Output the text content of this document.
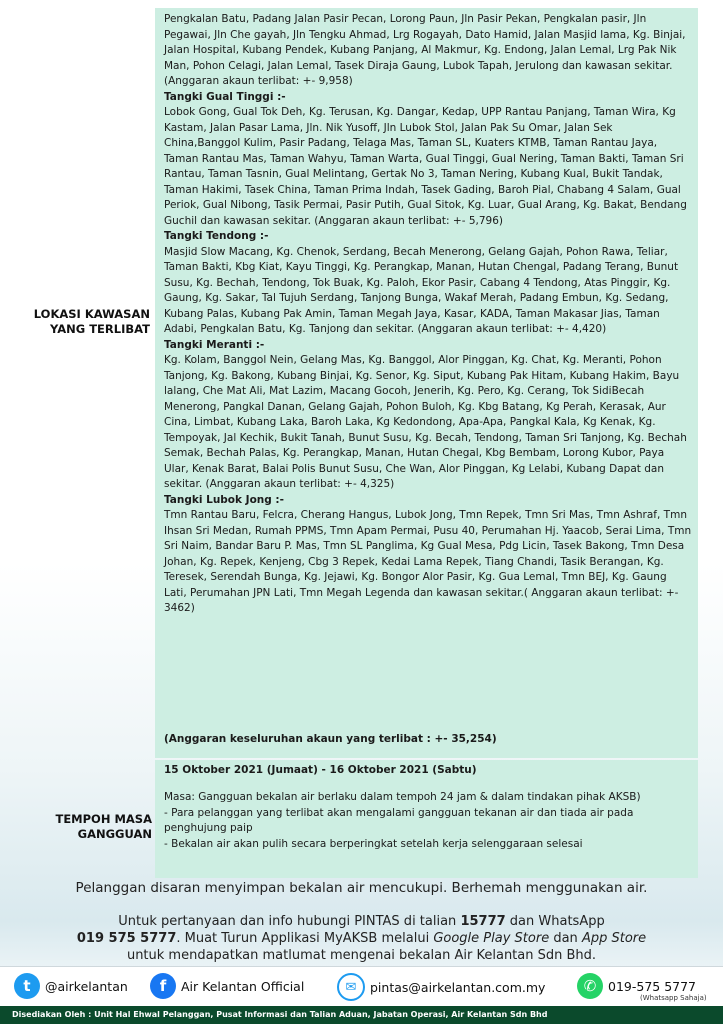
LOKASI KAWASAN
YANG TERLIBAT

Pengkalan Batu, Padang Jalan Pasir Pecan, Lorong Paun, Jln Pasir Pekan, Pengkalan pasir, Jln Pegawai, Jln Che gayah, Jln Tengku Ahmad, Lrg Rogayah, Dato Hamid, Jalan Masjid lama, Kg. Binjai, Jalan Hospital, Kubang Pendek, Kubang Panjang, Al Makmur, Kg. Endong, Jalan Lemal, Lrg Pak Nik Man, Pohon Celagi, Jalan Lemal, Tasek Diraja Gaung, Lubok Tapah, Jerulong dan kawasan sekitar.

(Anggaran akaun terlibat: +- 9,958)

Tangki Gual Tinggi :-

Lobok Gong, Gual Tok Deh, Kg. Terusan, Kg. Dangar, Kedap, UPP Rantau Panjang, Taman Wira, Kg Kastam, Jalan Pasar Lama, Jln. Nik Yusoff, Jln Lubok Stol, Jalan Pak Su Omar, Jalan Sek China,Banggol Kulim, Pasir Padang, Telaga Mas, Taman SL, Kuaters KTMB, Taman Rantau Jaya, Taman Rantau Mas, Taman Wahyu, Taman Warta, Gual Tinggi, Gual Nering, Taman Bakti, Taman Sri Rantau, Taman Tasnin, Gual Melintang, Gertak No 3, Taman Nering, Kubang Kual, Bukit Tandak, Taman Hakimi, Tasek China, Taman Prima Indah, Tasek Gading, Baroh Pial, Chabang 4 Salam, Gual Periok, Gual Nibong, Tasik Permai, Pasir Putih, Gual Sitok, Kg. Luar, Gual Arang, Kg. Bakat, Bendang Guchil dan kawasan sekitar. (Anggaran akaun terlibat: +- 5,796)

Tangki Tendong :-

Masjid Slow Macang, Kg. Chenok, Serdang, Becah Menerong, Gelang Gajah, Pohon Rawa, Teliar, Taman Bakti, Kbg Kiat, Kayu Tinggi, Kg. Perangkap, Manan, Hutan Chengal, Padang Terang, Bunut Susu, Kg. Bechah, Tendong, Tok Buak, Kg. Paloh, Ekor Pasir, Cabang 4 Tendong, Atas Pinggir, Kg. Gaung, Kg. Sakar, Tal Tujuh Serdang, Tanjong Bunga, Wakaf Merah, Padang Embun, Kg. Sedang, Kubang Palas, Kubang Pak Amin, Taman Megah Jaya, Kasar, KADA, Taman Makasar Jias, Taman Adabi, Pengkalan Batu, Kg. Tanjong dan sekitar. (Anggaran akaun terlibat: +- 4,420)

Tangki Meranti :-

Kg. Kolam, Banggol Nein, Gelang Mas, Kg. Banggol, Alor Pinggan, Kg. Chat, Kg. Meranti, Pohon Tanjong, Kg. Bakong, Kubang Binjai, Kg. Senor, Kg. Siput, Kubang Pak Hitam, Kubang Hakim, Bayu lalang, Che Mat Ali, Mat Lazim, Macang Gocoh, Jenerih, Kg. Pero, Kg. Cerang, Tok SidiBecah Menerong, Pangkal Danan, Gelang Gajah, Pohon Buloh, Kg. Kbg Batang, Kg Perah, Kerasak, Aur Cina, Limbat, Kubang Laka, Baroh Laka, Kg Kedondong, Apa-Apa, Pangkal Kala, Kg Kenak, Kg. Tempoyak, Jal Kechik, Bukit Tanah, Bunut Susu, Kg. Becah, Tendong, Taman Sri Tanjong, Kg. Bechah Semak, Bechah Palas, Kg. Perangkap, Manan, Hutan Chegal, Kbg Bembam, Lorong Kubor, Paya Ular, Kenak Barat, Balai Polis Bunut Susu, Che Wan, Alor Pinggan, Kg Lelabi, Kubang Dapat dan sekitar. (Anggaran akaun terlibat: +- 4,325)

Tangki Lubok Jong :-

Tmn Rantau Baru, Felcra, Cherang Hangus, Lubok Jong, Tmn Repek, Tmn Sri Mas, Tmn Ashraf, Tmn Ihsan Sri Medan, Rumah PPMS, Tmn Apam Permai, Pusu 40, Perumahan Hj. Yaacob, Serai Lima, Tmn Sri Naim, Bandar Baru P. Mas, Tmn SL Panglima, Kg Gual Mesa, Pdg Licin, Tasek Bakong, Tmn Desa Johan, Kg. Repek, Kenjeng, Cbg 3 Repek, Kedai Lama Repek, Tiang Chandi, Tasik Berangan, Kg. Teresek, Serendah Bunga, Kg. Jejawi, Kg. Bongor Alor Pasir, Kg. Gua Lemal, Tmn BEJ, Kg. Gaung Lati, Perumahan JPN Lati, Tmn Megah Legenda dan kawasan sekitar.( Anggaran akaun terlibat: +- 3462)

(Anggaran keseluruhan akaun yang terlibat : +- 35,254)

TEMPOH MASA
GANGGUAN

15 Oktober 2021 (Jumaat) - 16 Oktober 2021 (Sabtu)

Masa: Gangguan bekalan air berlaku dalam tempoh 24 jam & dalam tindakan pihak AKSB)

- Para pelanggan yang terlibat akan mengalami gangguan tekanan air dan tiada air pada penghujung paip

- Bekalan air akan pulih secara berperingkat setelah kerja selenggaraan selesai

Pelanggan disaran menyimpan bekalan air mencukupi. Berhemah menggunakan air.
Untuk pertanyaan dan info hubungi PINTAS di talian 15777 dan WhatsApp
019 575 5777. Muat Turun Applikasi MyAKSB melalui Google Play Store dan App Store
untuk mendapatkan matlumat mengenai bekalan Air Kelantan Sdn Bhd.
t	@airkelantan	f	Air Kelantan Official	✉	pintas@airkelantan.com.my	✆ 019-575 5777
(Whatsapp Sahaja)
Disediakan Oleh : Unit Hal Ehwal Pelanggan, Pusat Informasi dan Talian Aduan, Jabatan Operasi, Air Kelantan Sdn Bhd
